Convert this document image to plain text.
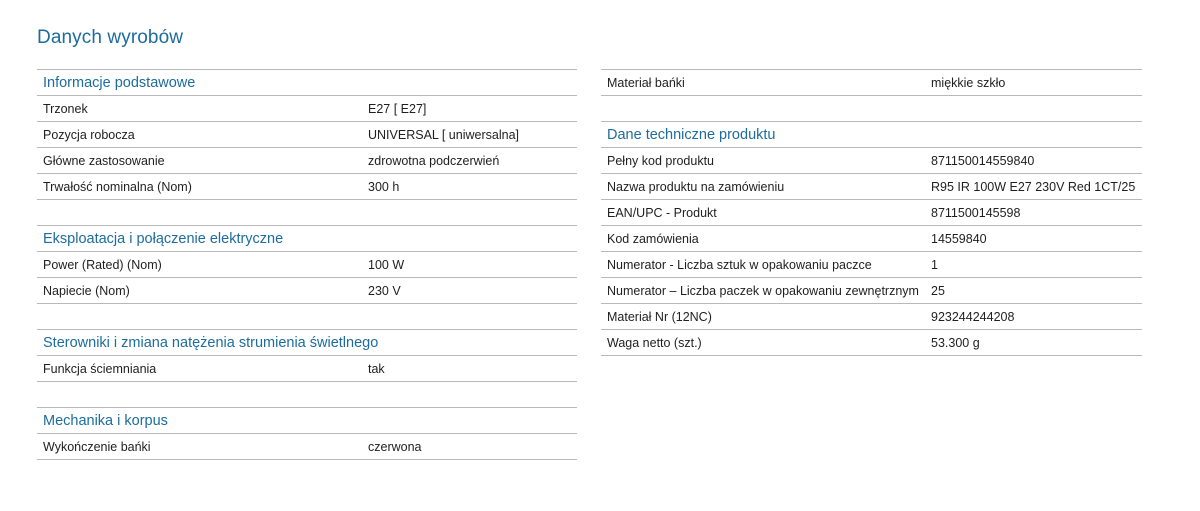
Danych wyrobów
Informacje podstawowe
Trzonek	E27 [ E27]
Pozycja robocza	UNIVERSAL [ uniwersalna]
Główne zastosowanie	zdrowotna podczerwień
Trwałość nominalna (Nom)	300 h
Eksploatacja i połączenie elektryczne
Power (Rated) (Nom)	100 W
Napiecie (Nom)	230 V
Sterowniki i zmiana natężenia strumienia świetlnego
Funkcja ściemniania	tak
Mechanika i korpus
Wykończenie bańki	czerwona
Materiał bańki	miękkie szkło
Dane techniczne produktu
Pełny kod produktu	871150014559840
Nazwa produktu na zamówieniu	R95 IR 100W E27 230V Red 1CT/25
EAN/UPC - Produkt	8711500145598
Kod zamówienia	14559840
Numerator - Liczba sztuk w opakowaniu paczce	1
Numerator – Liczba paczek w opakowaniu zewnętrznym 25
Materiał Nr (12NC)	923244244208
Waga netto (szt.)	53.300 g
